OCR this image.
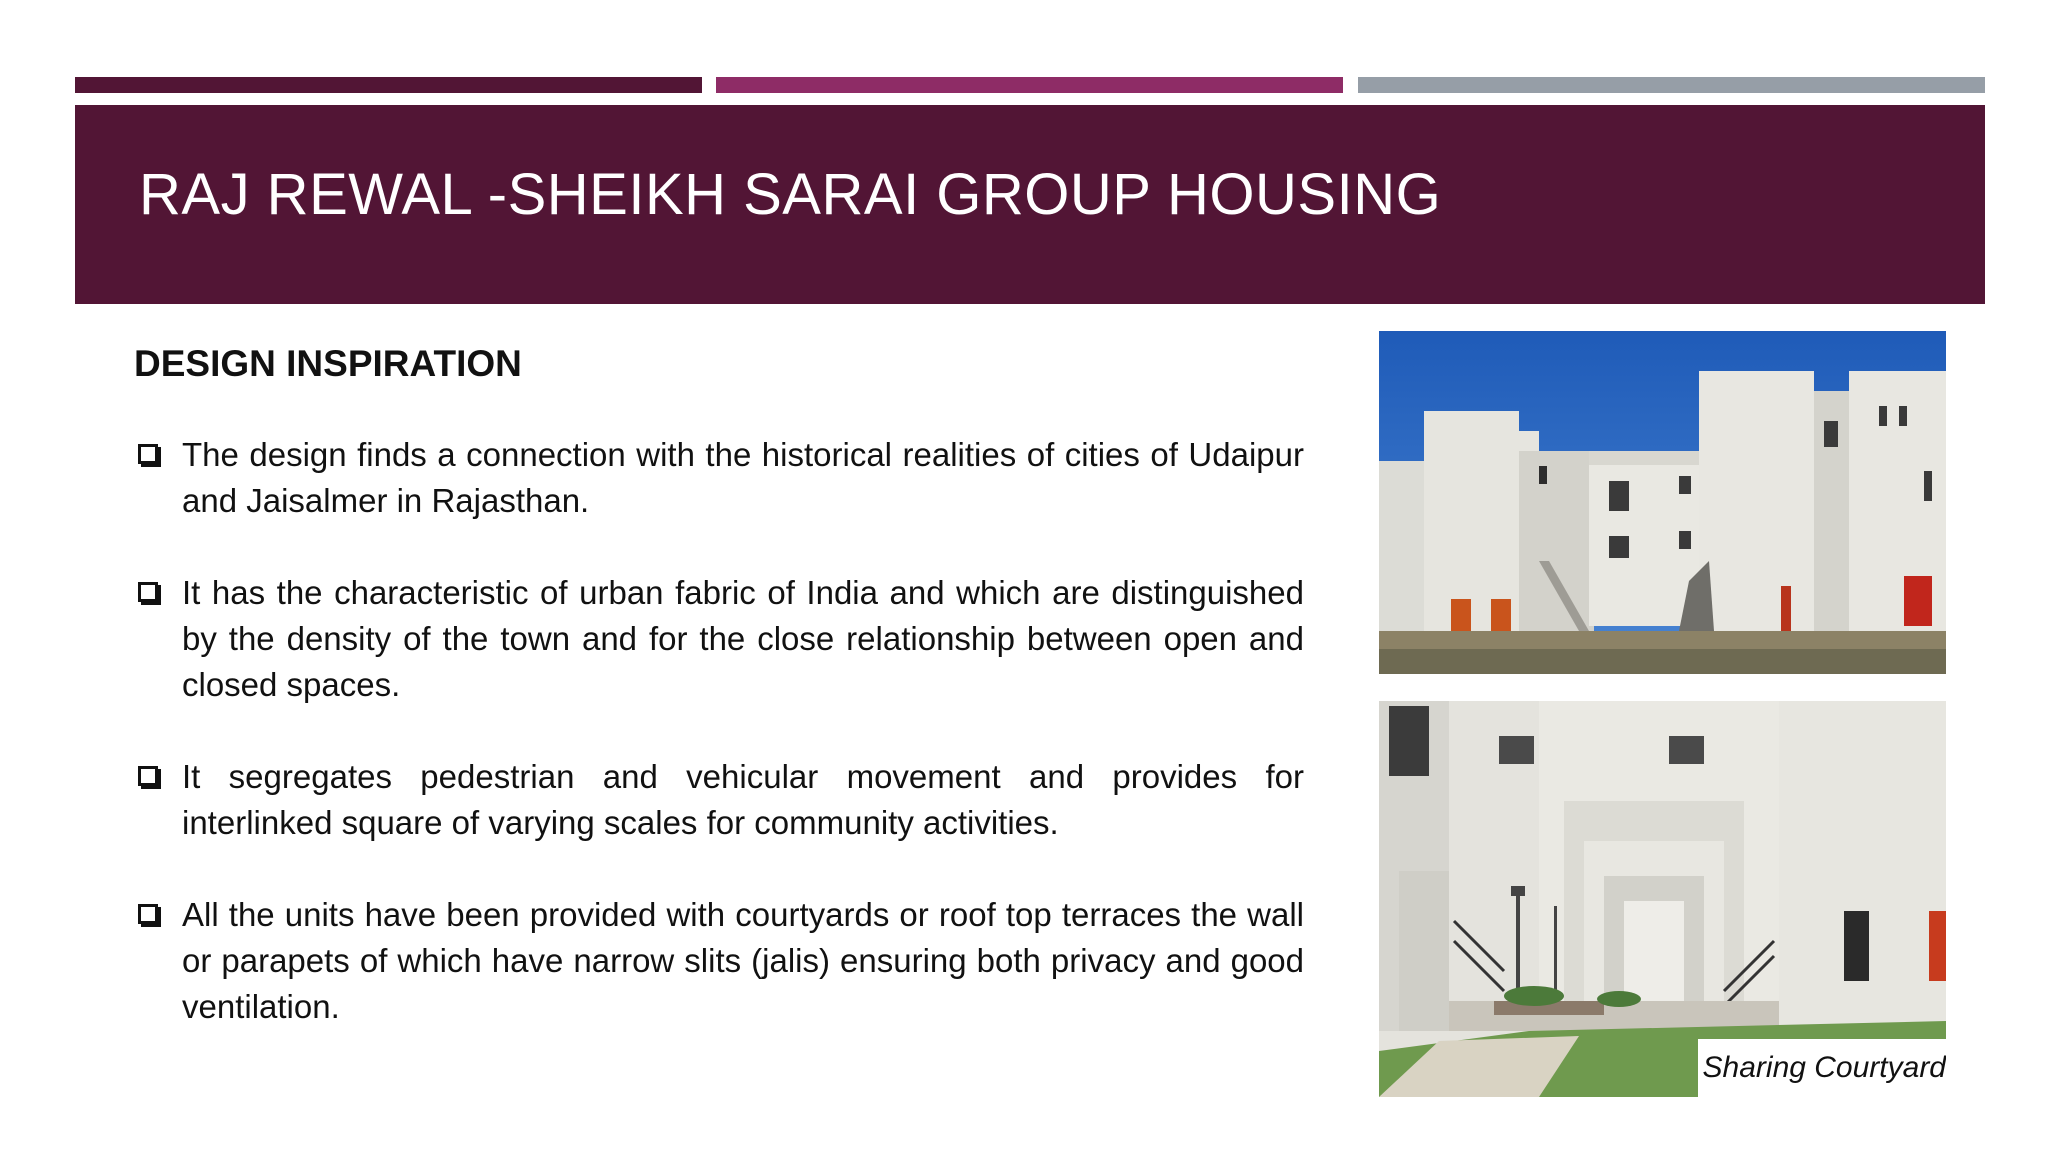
RAJ REWAL -SHEIKH SARAI GROUP HOUSING
DESIGN INSPIRATION
The design finds a connection with the historical realities of cities of Udaipur and Jaisalmer in Rajasthan.
It has the characteristic of urban fabric of India and which are distinguished by the density of the town and for the close relationship between open and closed spaces.
It segregates pedestrian and vehicular movement and provides for interlinked square of varying scales for community activities.
All the units have been provided with courtyards or roof top terraces the wall or parapets of which have narrow slits (jalis) ensuring both privacy and good ventilation.
Sharing Courtyard
